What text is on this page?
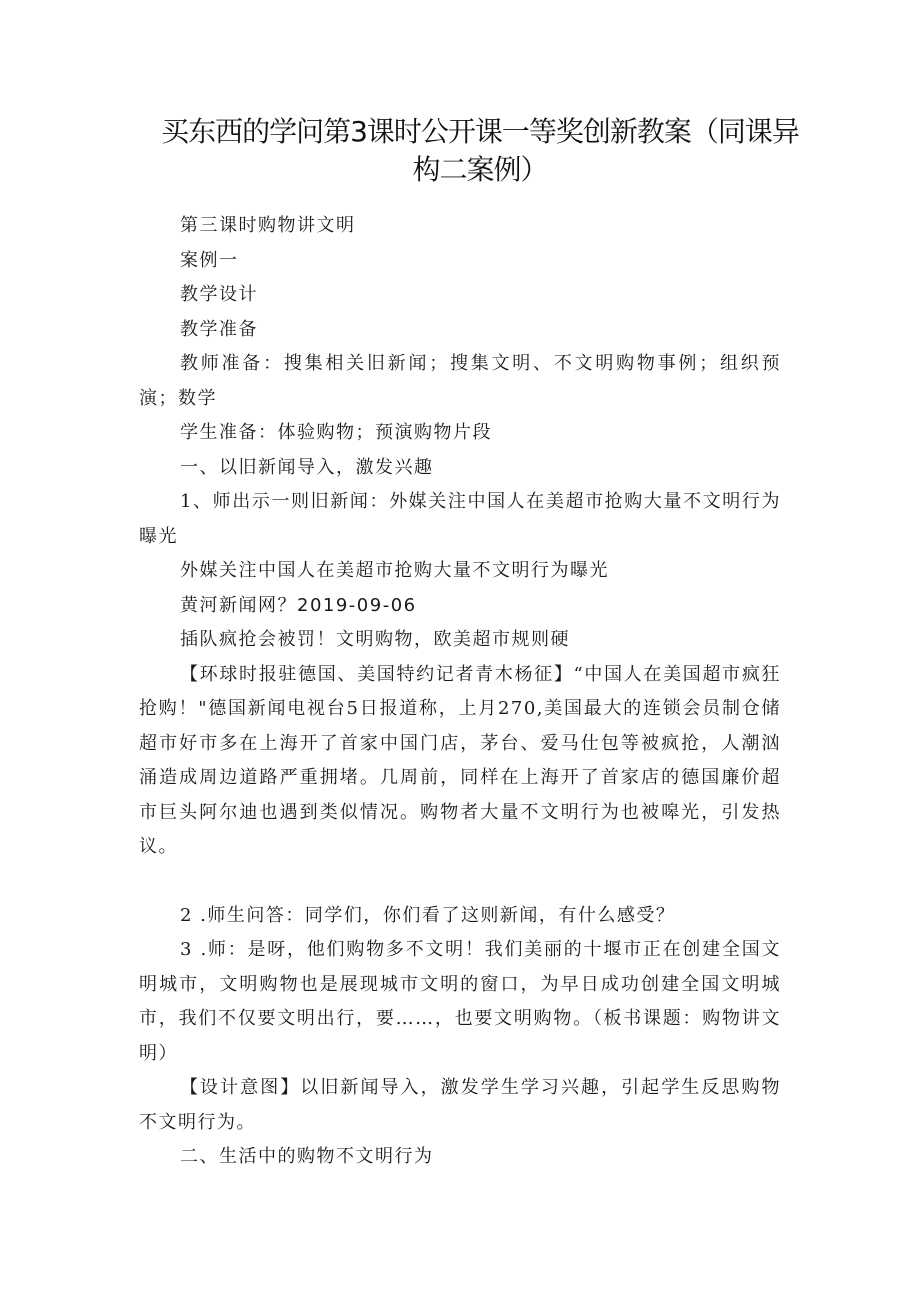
买东西的学问第3课时公开课一等奖创新教案（同课异构二案例）

第三课时购物讲文明

案例一

教学设计

教学准备

教师准备：搜集相关旧新闻；搜集文明、不文明购物事例；组织预演；数学

学生准备：体验购物；预演购物片段

一、以旧新闻导入，激发兴趣

1、师出示一则旧新闻：外媒关注中国人在美超市抢购大量不文明行为曝光

外媒关注中国人在美超市抢购大量不文明行为曝光

黄河新闻网？2019-09-06

插队疯抢会被罚！文明购物，欧美超市规则硬

【环球时报驻德国、美国特约记者青木杨征】“中国人在美国超市疯狂抢购！"德国新闻电视台5日报道称，上月270,美国最大的连锁会员制仓储超市好市多在上海开了首家中国门店，茅台、爱马仕包等被疯抢，人潮汹涌造成周边道路严重拥堵。几周前，同样在上海开了首家店的德国廉价超市巨头阿尔迪也遇到类似情况。购物者大量不文明行为也被嗥光，引发热议。

2 .师生问答：同学们，你们看了这则新闻，有什么感受？

3 .师：是呀，他们购物多不文明！我们美丽的十堰市正在创建全国文明城市，文明购物也是展现城市文明的窗口，为早日成功创建全国文明城市，我们不仅要文明出行，要……，也要文明购物。（板书课题：购物讲文明）

【设计意图】以旧新闻导入，激发学生学习兴趣，引起学生反思购物不文明行为。

二、生活中的购物不文明行为
